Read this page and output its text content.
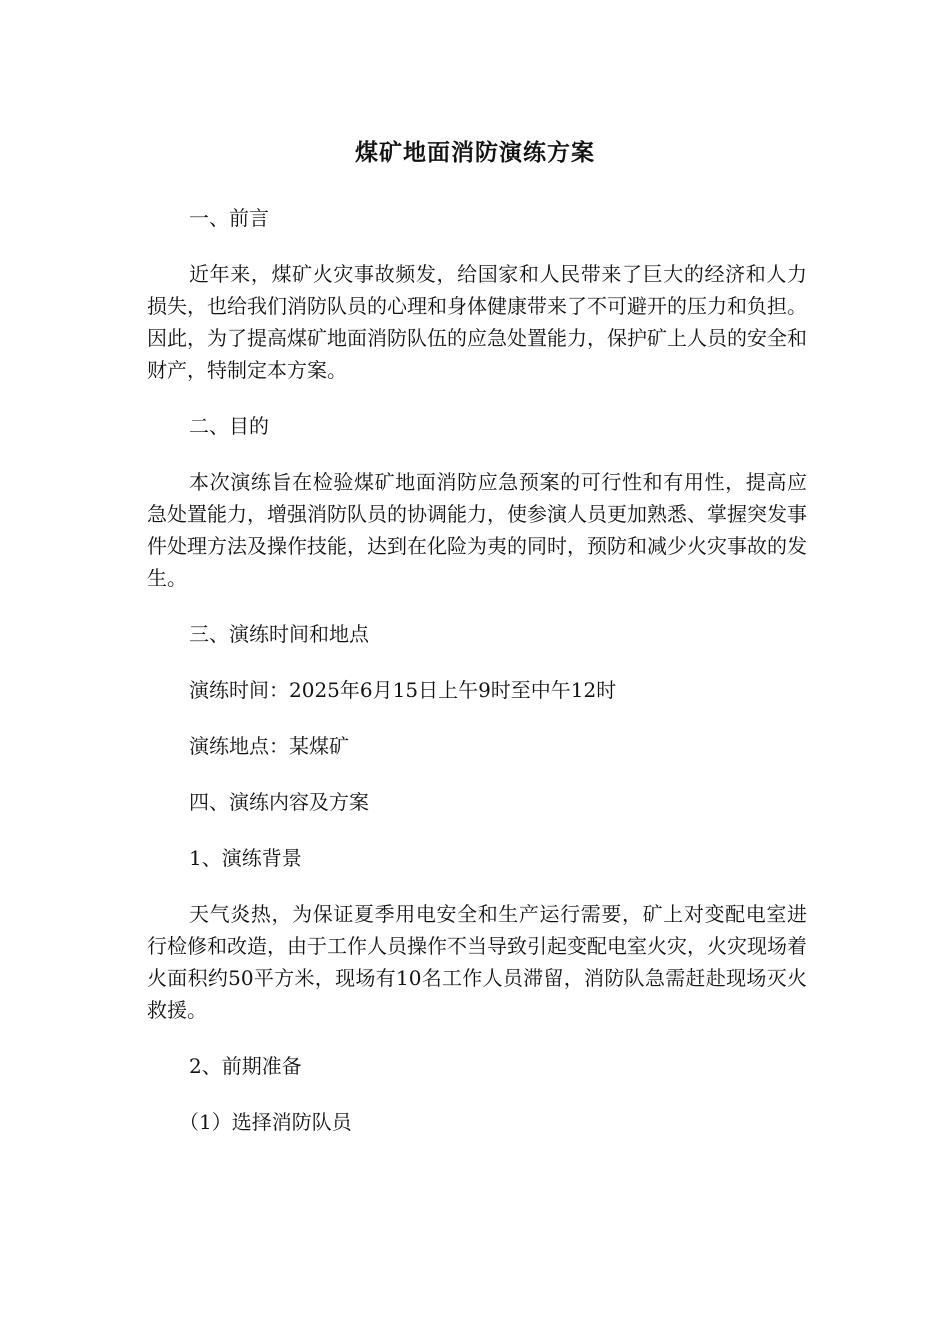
煤矿地面消防演练方案
一、前言
近年来，煤矿火灾事故频发，给国家和人民带来了巨大的经济和人力损失，也给我们消防队员的心理和身体健康带来了不可避开的压力和负担。因此，为了提高煤矿地面消防队伍的应急处置能力，保护矿上人员的安全和财产，特制定本方案。
二、目的
本次演练旨在检验煤矿地面消防应急预案的可行性和有用性，提高应急处置能力，增强消防队员的协调能力，使参演人员更加熟悉、掌握突发事件处理方法及操作技能，达到在化险为夷的同时，预防和减少火灾事故的发生。
三、演练时间和地点
演练时间：2025年6月15日上午9时至中午12时
演练地点：某煤矿
四、演练内容及方案
1、演练背景
天气炎热，为保证夏季用电安全和生产运行需要，矿上对变配电室进行检修和改造，由于工作人员操作不当导致引起变配电室火灾，火灾现场着火面积约50平方米，现场有10名工作人员滞留，消防队急需赶赴现场灭火救援。
2、前期准备
（1）选择消防队员
